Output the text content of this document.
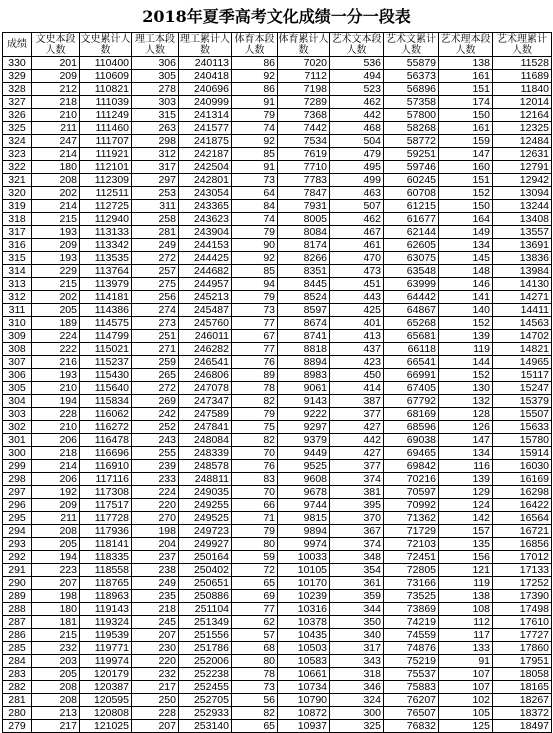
2018年夏季高考文化成绩一分一段表
成绩	文史本段人数	文史累计人数	理工本段人数	理工累计人数	体育本段人数	体育累计人数	艺术文本段人数	艺术文累计人数	艺术理本段人数	艺术理累计人数
330	201	110400	306	240113	86	7020	536	55879	138	11528
329	209	110609	305	240418	92	7112	494	56373	161	11689
328	212	110821	278	240696	86	7198	523	56896	151	11840
327	218	111039	303	240999	91	7289	462	57358	174	12014
326	210	111249	315	241314	79	7368	442	57800	150	12164
325	211	111460	263	241577	74	7442	468	58268	161	12325
324	247	111707	298	241875	92	7534	504	58772	159	12484
323	214	111921	312	242187	85	7619	479	59251	147	12631
322	180	112101	317	242504	91	7710	495	59746	160	12791
321	208	112309	297	242801	73	7783	499	60245	151	12942
320	202	112511	253	243054	64	7847	463	60708	152	13094
319	214	112725	311	243365	84	7931	507	61215	150	13244
318	215	112940	258	243623	74	8005	462	61677	164	13408
317	193	113133	281	243904	79	8084	467	62144	149	13557
316	209	113342	249	244153	90	8174	461	62605	134	13691
315	193	113535	272	244425	92	8266	470	63075	145	13836
314	229	113764	257	244682	85	8351	473	63548	148	13984
313	215	113979	275	244957	94	8445	451	63999	146	14130
312	202	114181	256	245213	79	8524	443	64442	141	14271
311	205	114386	274	245487	73	8597	425	64867	140	14411
310	189	114575	273	245760	77	8674	401	65268	152	14563
309	224	114799	251	246011	67	8741	413	65681	139	14702
308	222	115021	271	246282	77	8818	437	66118	119	14821
307	216	115237	259	246541	76	8894	423	66541	144	14965
306	193	115430	265	246806	89	8983	450	66991	152	15117
305	210	115640	272	247078	78	9061	414	67405	130	15247
304	194	115834	269	247347	82	9143	387	67792	132	15379
303	228	116062	242	247589	79	9222	377	68169	128	15507
302	210	116272	252	247841	75	9297	427	68596	126	15633
301	206	116478	243	248084	82	9379	442	69038	147	15780
300	218	116696	255	248339	70	9449	427	69465	134	15914
299	214	116910	239	248578	76	9525	377	69842	116	16030
298	206	117116	233	248811	83	9608	374	70216	139	16169
297	192	117308	224	249035	70	9678	381	70597	129	16298
296	209	117517	220	249255	66	9744	395	70992	124	16422
295	211	117728	270	249525	71	9815	370	71362	142	16564
294	208	117936	198	249723	79	9894	367	71729	157	16721
293	205	118141	204	249927	80	9974	374	72103	135	16856
292	194	118335	237	250164	59	10033	348	72451	156	17012
291	223	118558	238	250402	72	10105	354	72805	121	17133
290	207	118765	249	250651	65	10170	361	73166	119	17252
289	198	118963	235	250886	69	10239	359	73525	138	17390
288	180	119143	218	251104	77	10316	344	73869	108	17498
287	181	119324	245	251349	62	10378	350	74219	112	17610
286	215	119539	207	251556	57	10435	340	74559	117	17727
285	232	119771	230	251786	68	10503	317	74876	133	17860
284	203	119974	220	252006	80	10583	343	75219	91	17951
283	205	120179	232	252238	78	10661	318	75537	107	18058
282	208	120387	217	252455	73	10734	346	75883	107	18165
281	208	120595	250	252705	56	10790	324	76207	102	18267
280	213	120808	228	252933	82	10872	300	76507	105	18372
279	217	121025	207	253140	65	10937	325	76832	125	18497
